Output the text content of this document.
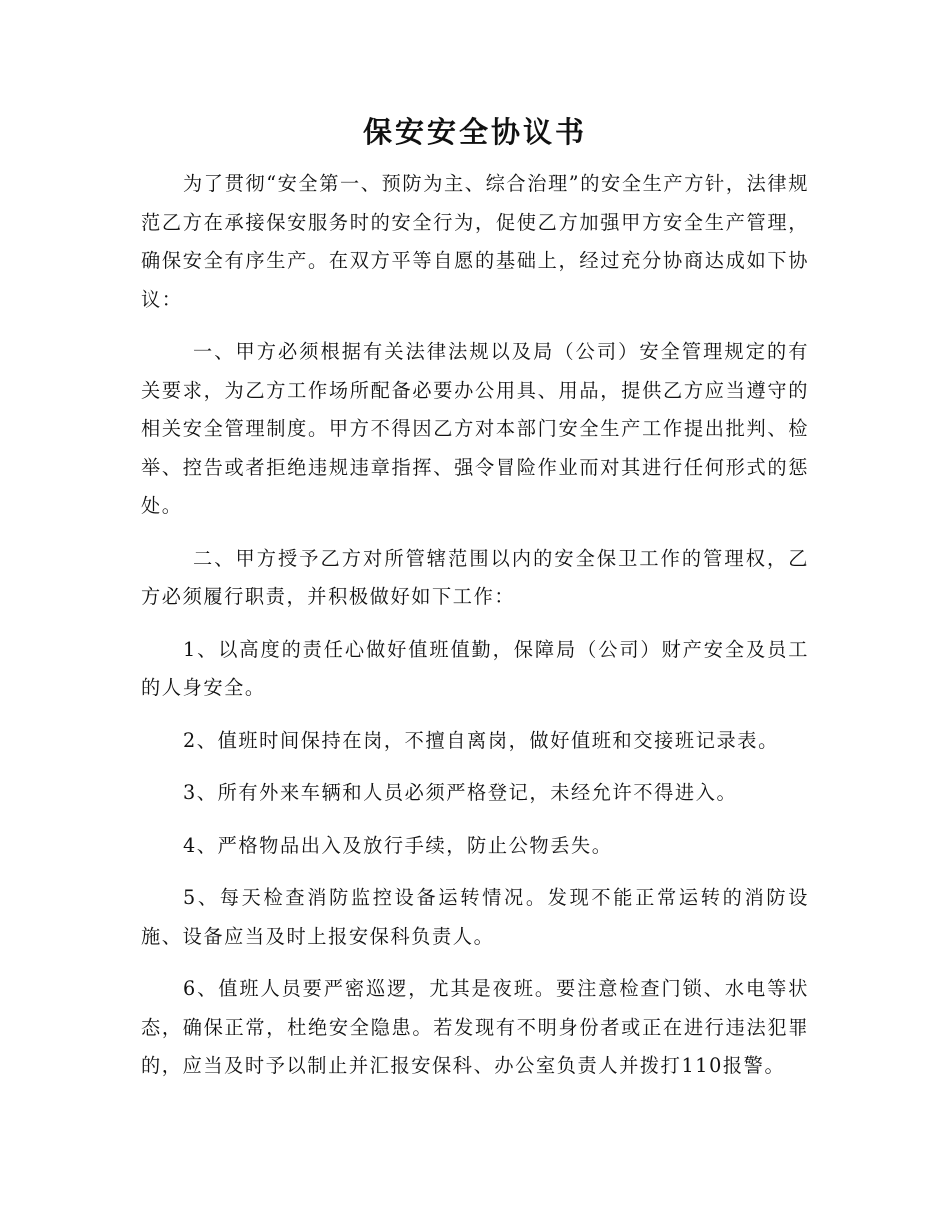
保安安全协议书

为了贯彻“安全第一、预防为主、综合治理”的安全生产方针，法律规范乙方在承接保安服务时的安全行为，促使乙方加强甲方安全生产管理，确保安全有序生产。在双方平等自愿的基础上，经过充分协商达成如下协议：

一、甲方必须根据有关法律法规以及局（公司）安全管理规定的有关要求，为乙方工作场所配备必要办公用具、用品，提供乙方应当遵守的相关安全管理制度。甲方不得因乙方对本部门安全生产工作提出批判、检举、控告或者拒绝违规违章指挥、强令冒险作业而对其进行任何形式的惩处。

二、甲方授予乙方对所管辖范围以内的安全保卫工作的管理权，乙方必须履行职责，并积极做好如下工作：

1、以高度的责任心做好值班值勤，保障局（公司）财产安全及员工的人身安全。

2、值班时间保持在岗，不擅自离岗，做好值班和交接班记录表。

3、所有外来车辆和人员必须严格登记，未经允许不得进入。

4、严格物品出入及放行手续，防止公物丢失。

5、每天检查消防监控设备运转情况。发现不能正常运转的消防设施、设备应当及时上报安保科负责人。

6、值班人员要严密巡逻，尤其是夜班。要注意检查门锁、水电等状态，确保正常，杜绝安全隐患。若发现有不明身份者或正在进行违法犯罪的，应当及时予以制止并汇报安保科、办公室负责人并拨打110报警。
